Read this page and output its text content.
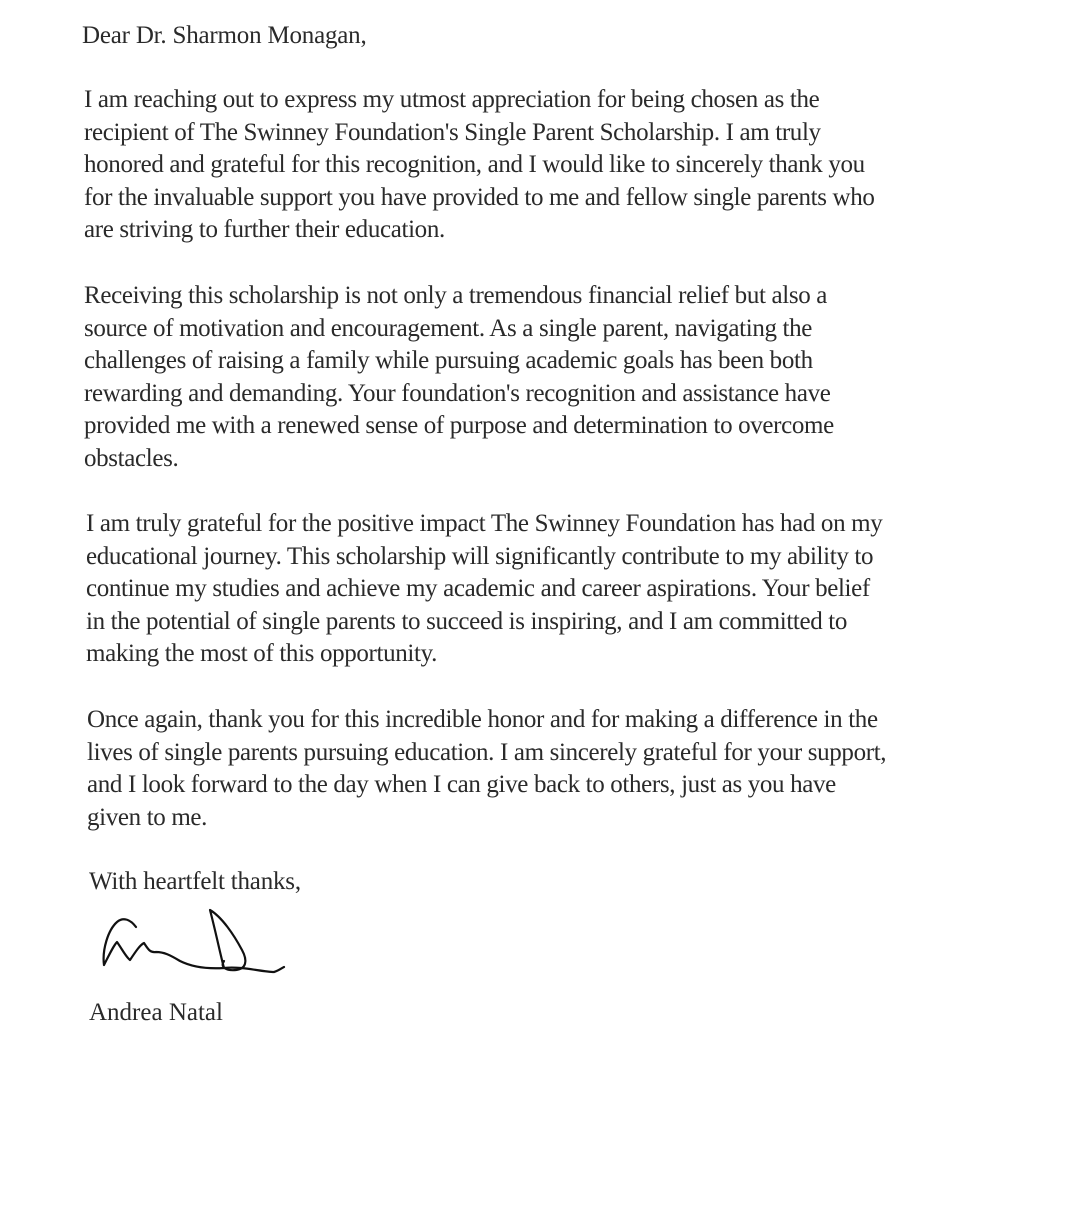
Dear Dr. Sharmon Monagan,

I am reaching out to express my utmost appreciation for being chosen as the
recipient of The Swinney Foundation's Single Parent Scholarship. I am truly
honored and grateful for this recognition, and I would like to sincerely thank you
for the invaluable support you have provided to me and fellow single parents who
are striving to further their education.

Receiving this scholarship is not only a tremendous financial relief but also a
source of motivation and encouragement. As a single parent, navigating the
challenges of raising a family while pursuing academic goals has been both
rewarding and demanding. Your foundation's recognition and assistance have
provided me with a renewed sense of purpose and determination to overcome
obstacles.

I am truly grateful for the positive impact The Swinney Foundation has had on my
educational journey. This scholarship will significantly contribute to my ability to
continue my studies and achieve my academic and career aspirations. Your belief
in the potential of single parents to succeed is inspiring, and I am committed to
making the most of this opportunity.

Once again, thank you for this incredible honor and for making a difference in the
lives of single parents pursuing education. I am sincerely grateful for your support,
and I look forward to the day when I can give back to others, just as you have
given to me.

With heartfelt thanks,
Andrea Natal
